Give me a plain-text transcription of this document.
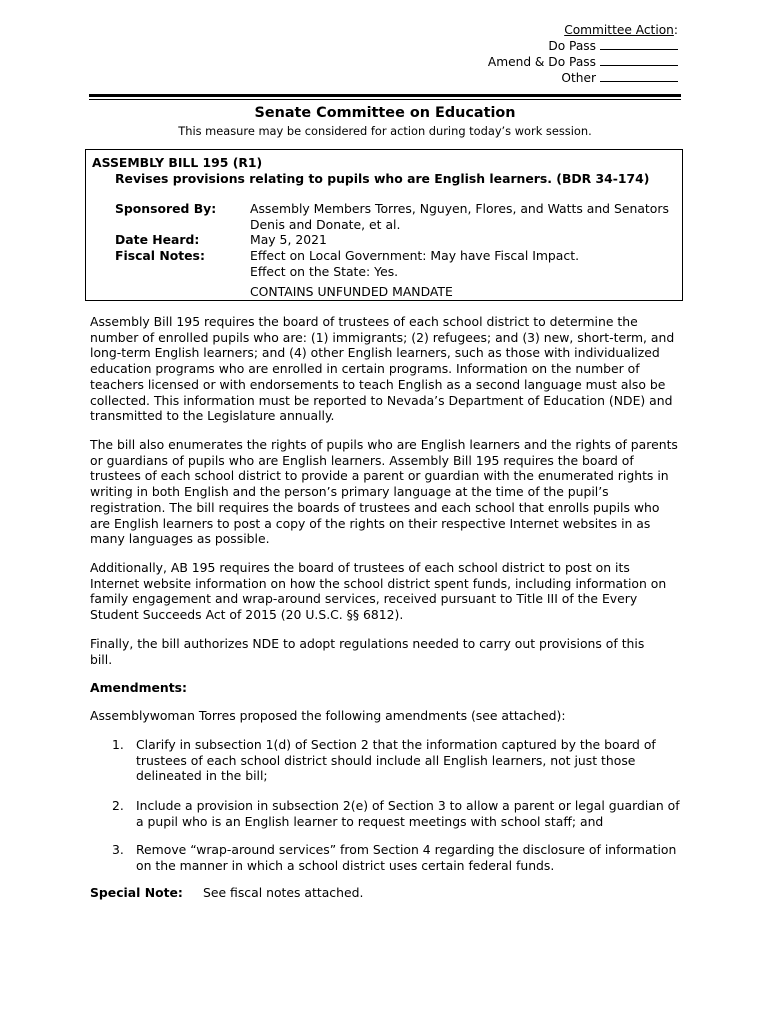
Committee Action:
Do Pass
Amend & Do Pass
Other
Senate Committee on Education
This measure may be considered for action during today’s work session.
ASSEMBLY BILL 195 (R1)
Revises provisions relating to pupils who are English learners. (BDR 34-174)
Sponsored By:	Assembly Members Torres, Nguyen, Flores, and Watts and Senators Denis and Donate, et al.
Date Heard:	May 5, 2021
Fiscal Notes:	Effect on Local Government: May have Fiscal Impact.
Effect on the State: Yes.
CONTAINS UNFUNDED MANDATE

Assembly Bill 195 requires the board of trustees of each school district to determine the number of enrolled pupils who are: (1) immigrants; (2) refugees; and (3) new, short-term, and long-term English learners; and (4) other English learners, such as those with individualized education programs who are enrolled in certain programs. Information on the number of teachers licensed or with endorsements to teach English as a second language must also be collected. This information must be reported to Nevada’s Department of Education (NDE) and transmitted to the Legislature annually.

The bill also enumerates the rights of pupils who are English learners and the rights of parents or guardians of pupils who are English learners. Assembly Bill 195 requires the board of trustees of each school district to provide a parent or guardian with the enumerated rights in writing in both English and the person’s primary language at the time of the pupil’s registration. The bill requires the boards of trustees and each school that enrolls pupils who are English learners to post a copy of the rights on their respective Internet websites in as many languages as possible.

Additionally, AB 195 requires the board of trustees of each school district to post on its Internet website information on how the school district spent funds, including information on family engagement and wrap-around services, received pursuant to Title III of the Every Student Succeeds Act of 2015 (20 U.S.C. §§ 6812).

Finally, the bill authorizes NDE to adopt regulations needed to carry out provisions of this bill.

Amendments:
Assemblywoman Torres proposed the following amendments (see attached):
1. Clarify in subsection 1(d) of Section 2 that the information captured by the board of trustees of each school district should include all English learners, not just those delineated in the bill;
2. Include a provision in subsection 2(e) of Section 3 to allow a parent or legal guardian of a pupil who is an English learner to request meetings with school staff; and
3. Remove “wrap-around services” from Section 4 regarding the disclosure of information on the manner in which a school district uses certain federal funds.
Special Note: See fiscal notes attached.
